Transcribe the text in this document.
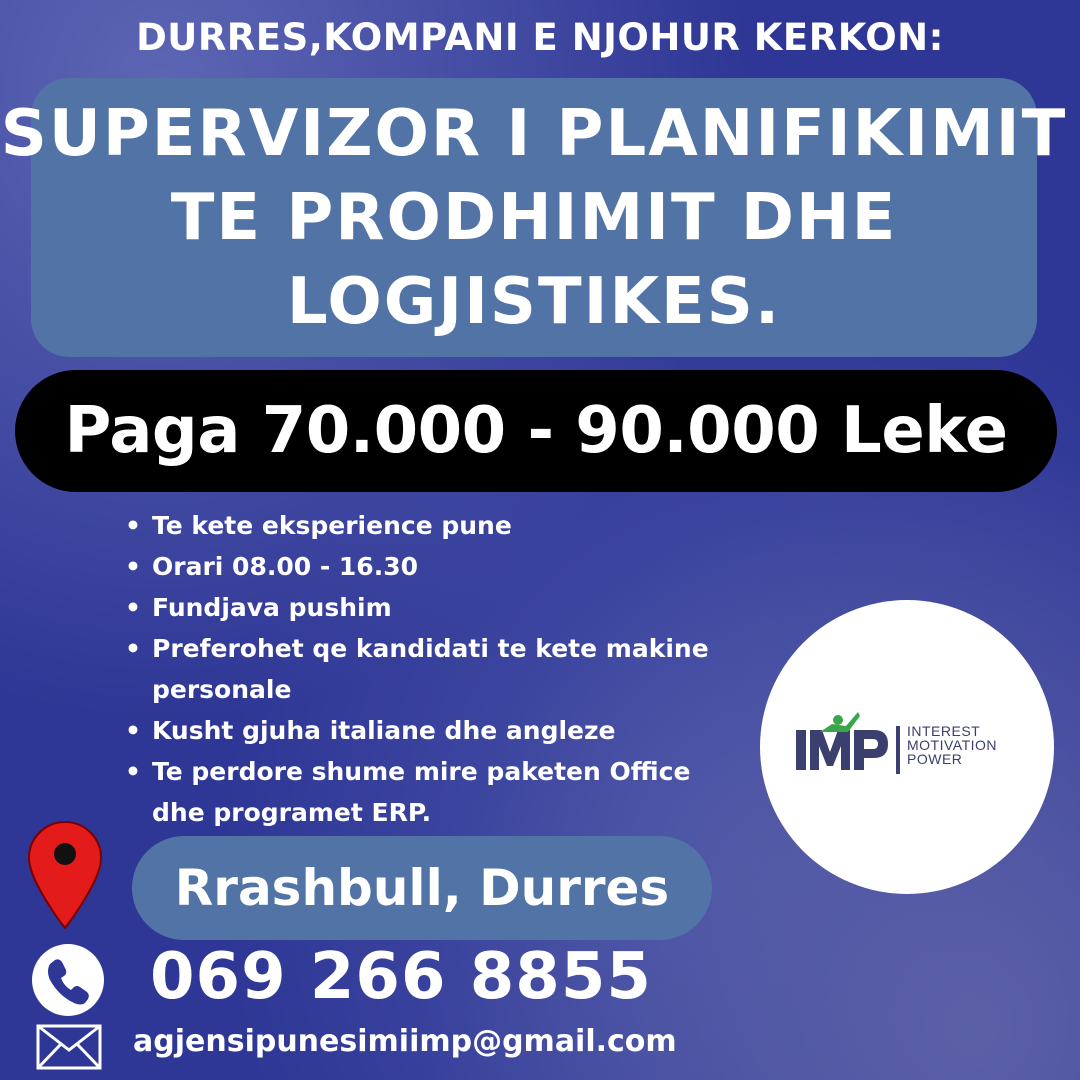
DURRES,KOMPANI E NJOHUR KERKON:
SUPERVIZOR I PLANIFIKIMIT
TE PRODHIMIT DHE
LOGJISTIKES.
Paga 70.000 - 90.000 Leke
• Te kete eksperience pune
• Orari 08.00 - 16.30
• Fundjava pushim
• Preferohet qe kandidati te kete makine personale
• Kusht gjuha italiane dhe angleze
• Te perdore shume mire paketen Office dhe programet ERP.
INTEREST
MOTIVATION
POWER
Rrashbull, Durres
069 266 8855
agjensipunesimiimp@gmail.com
